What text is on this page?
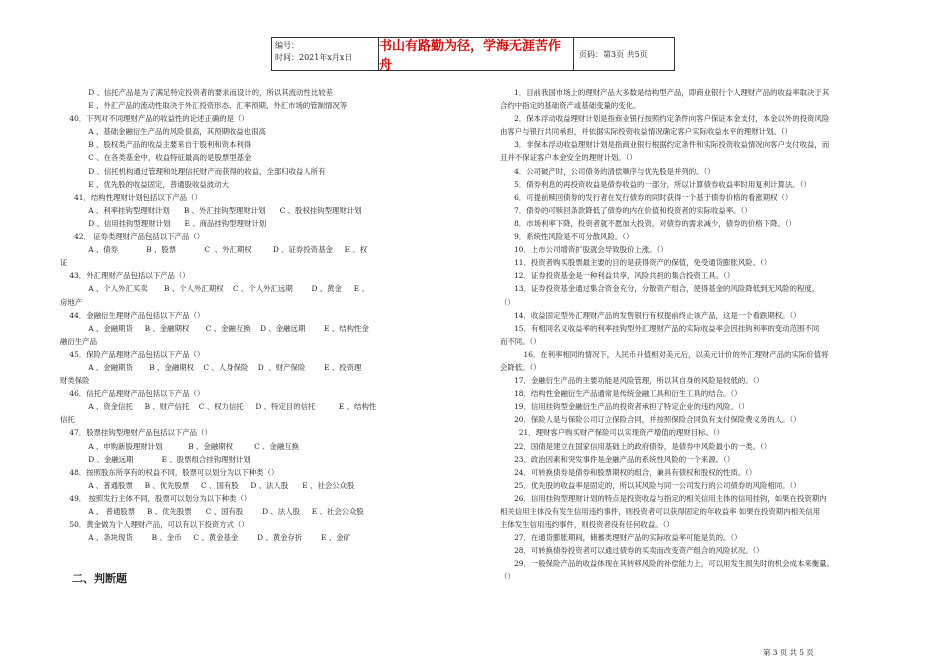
编号：
时间：2021年x月x日
书山有路勤为径，学海无涯苦作舟
页码：第3页 共5页
D 、信托产品是为了满足特定投资者的要求而设计的，所以其流动性比较差
E 、外汇产品的流动性取决于外汇投资形态、汇率预期、外汇市场的管制情况等
40．下列对不同理财产品的收益性的论述正确的是（）
A 、基础金融衍生产品的风险很高，其预期收益也很高
B 、股权类产品的收益主要来自于股利和资本利得
C 、在各类基金中，收益特征最高的是股票型基金
D 、信托机构通过管理和处理信托财产而获得的收益，全部归收益人所有
E 、优先股的收益固定，普通股收益波动大
41．结构性理财计划包括以下产品（）
A 、利率挂钩型理财计划      B 、外汇挂钩型理财计划      C 、股权挂钩型理财计划
D 、信用挂钩型理财计划      E 、商品挂钩型理财计划
42． 证券类理财产品包括以下产品（）
A 、债券            B 、股票            C  、外汇期权         D 、证券投资基金     E 、权
证
43．外汇理财产品包括以下产品（）
A 、个人外汇买卖       B 、个人外汇期权    C 、个人外汇远期        D 、黄金     E 、
房地产
44．金融衍生理财产品包括以下产品（）
A 、金融期货     B 、金融期权       C 、金融互换    D 、金融远期        E 、结构性金
融衍生产品
45．保险产品理财产品包括以下产品（）
A 、金融期货       B 、金融期权    C 、人身保险    D  、财产保险        E 、投资理
财类保险
46．信托产品理财产品包括以下产品（）
A 、资金信托     B 、财产信托    C 、权力信托     D 、特定目的信托          E 、结构性
信托
47．股票挂钩型理财产品包括以下产品（）
A 、申购新股理财计划           B 、金融期权         C 、金融互换
D 、金融远期            E 、股票组合挂钩理财计划
48．按照股东所享有的权益不同，股票可以划分为以下种类（）
A 、普通股票     B 、优先股票     C 、国有股     D 、法人股      E 、社会公众股
49． 按照发行主体不同，股票可以划分为以下种类（）
A 、 普通股票     B 、优先股票      C 、国有股        D 、法人股     E 、社会公众股
50．黄金做为个人理财产品，可以有以下投资方式（）
A 、条块现货        B 、金币     C 、黄金基金        D 、黄金存折        E 、金矿
二、判断题
1．目前我国市场上的理财产品大多数是结构型产品，即商业银行个人理财产品的收益率取决于其
合约中指定的基础资产或基础变量的变化。
2．保本浮动收益理财计划是指商业银行按照约定条件向客户保证本金支付，本金以外的投资风险
由客户与银行共同承担，并依据实际投资收益情况确定客户实际收益水平的理财计划。（）
3．非保本浮动收益理财计划是指商业银行根据约定条件和实际投资收益情况向客户支付收益，而
且并不保证客户本金安全的理财计划。（）
4．公司破产时，公司债务的清偿顺序与优先股是并列的。（）
5．债券利息的再投资收益是债券收益的一部分，所以计算债券收益率时用复利计算法。（）
6．可提前赎回债券的发行者在发行债券的同时获得一个基于债券价格的看涨期权（）
7．债券的可赎回条款降低了债券的内在价值和投资者的实际收益率。（）
8．市场利率下降，投资者就不愿加大投资，对债券的需求减少，债券的价格下降。（）
9．系统性风险是不可分散风险。（）
10．上市公司增资扩股就会导致股价上涨。（）
11．投资者购买股票最主要的目的是获得资产的保值，免受通货膨胀风险。（）
12．证券投资基金是一种利益共享，风险共担的集合投资工具。（）
13．证券投资基金通过集合资金充分，分散资产组合，使得基金的风险降低到无风险的程度。
（）
14．收益固定型外汇理财产品的发售银行有权提前终止该产品，这是一个看跌期权。（）
15．有相同名义收益率的利率挂钩型外汇理财产品的实际收益率会因挂钩利率的变动范围不同
而不同。（）
16．在利率相同的情况下，人民币升值相对美元后，以美元计价的外汇理财产品的实际价值将
会降低。（）
17．金融衍生产品的主要功能是风险管理，所以其自身的风险是较低的。（）
18．结构性金融衍生产品通常是传统金融工具和衍生工具的结合。（）
19．信用挂钩型金融衍生产品的投资者承担了特定企业的违约风险。（）
20．保险人是与保险公司订立保险合同，并按照保险合同负有支付保险费义务的人。（）
21．理财客户购买财产保险可以实现资产增值的理财目标。（）
22．国债是建立在国家信用基础上的政府债券，是债券中风险最小的一类。（）
23．政治因素和突发事件是金融产品的系统性风险的一个来源。（）
24．可转换债券是债券和股票期权的组合，兼具有债权和股权的性质。（）
25．优先股的收益率是固定的，所以其风险与同一公司发行的公司债券的风险相同。（）
26．信用挂钩型理财计划的特点是投资收益与指定的相关信用主体的信用挂钩，如果在投资期内
相关信用主体没有发生信用违约事件，则投资者可以获得固定的年收益率 如果在投资期内相关信用
主体发生信用违约事件，则投资者没有任何收益。（）
27．在通货膨胀期间，储蓄类理财产品的实际收益率可能是负的。（）
28．可转换债券投资者可以通过债券的买卖而改变资产组合的风险状况。（）
29．一般保险产品的收益体现在其转移风险的补偿能力上，可以用发生损失时的机会成本来衡量。
（）
第 3 页 共 5 页
